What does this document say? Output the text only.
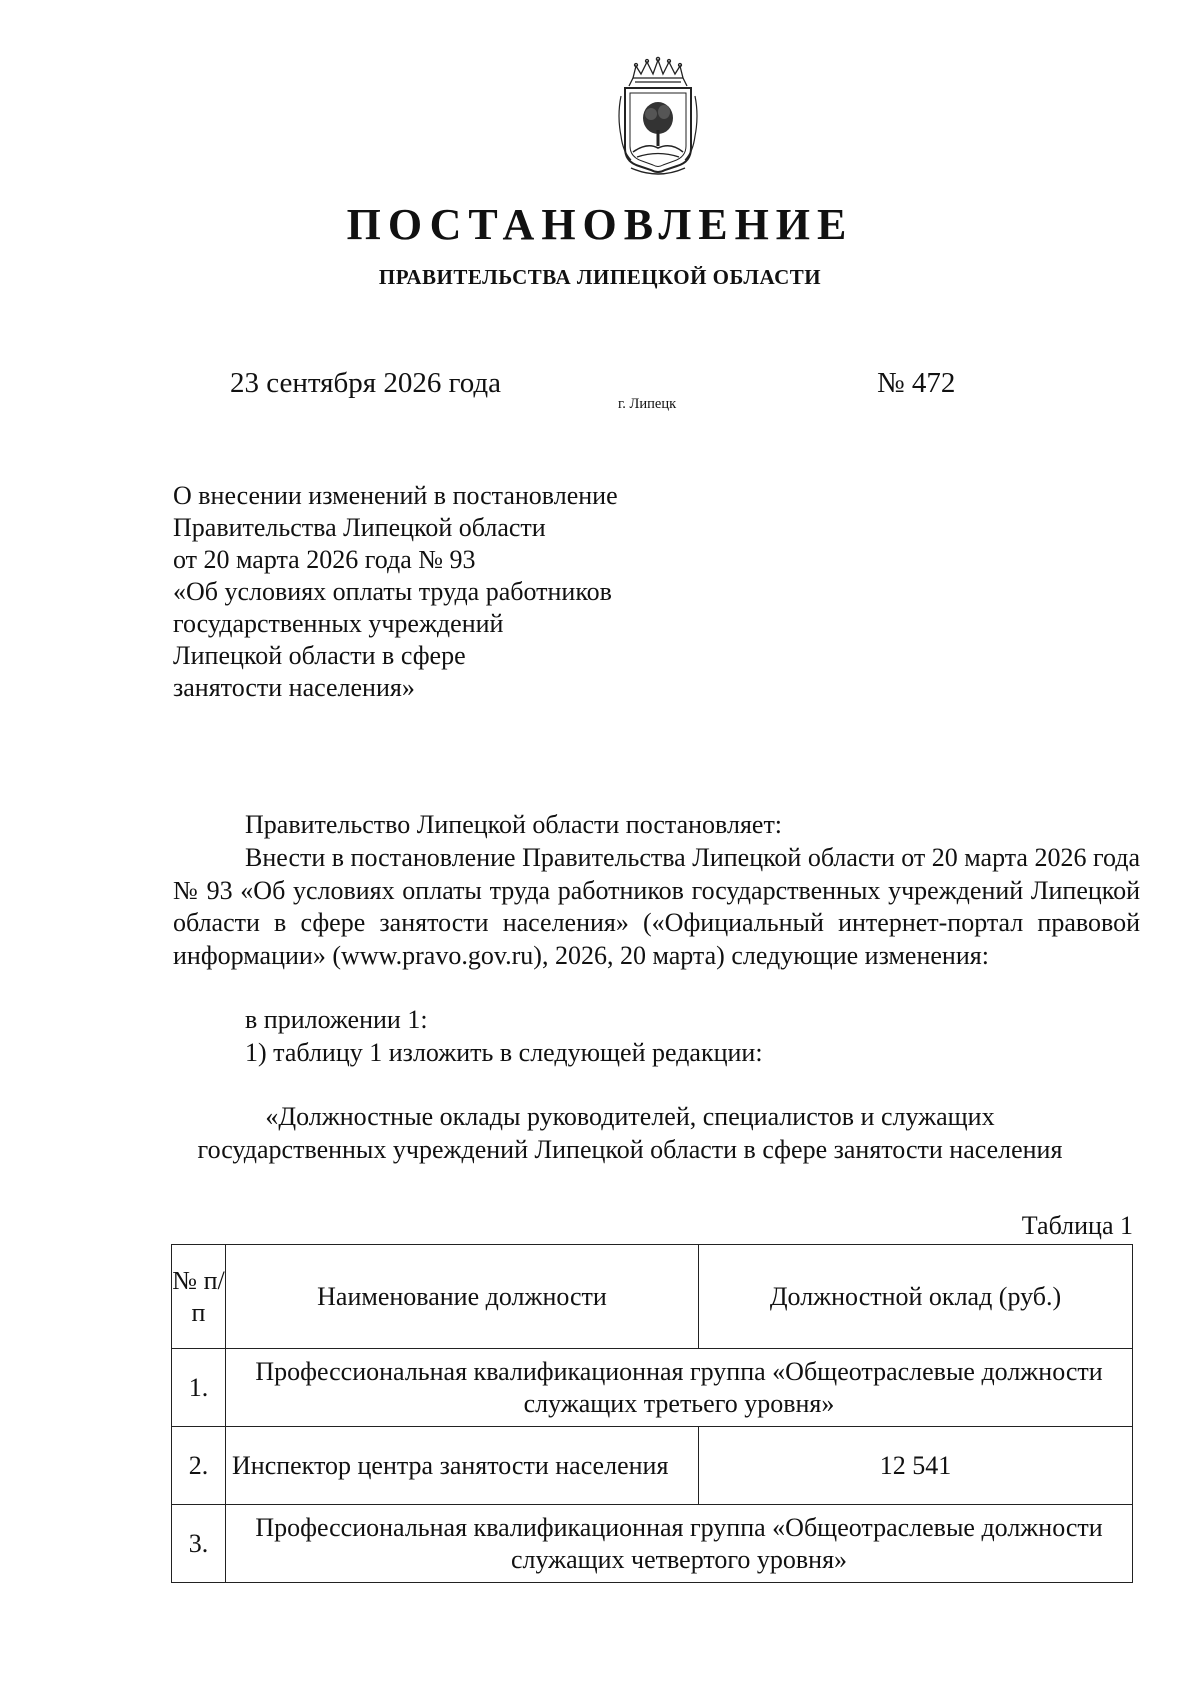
ПОСТАНОВЛЕНИЕ
ПРАВИТЕЛЬСТВА ЛИПЕЦКОЙ ОБЛАСТИ
23 сентября 2026 года
г. Липецк
№ 472
О внесении изменений в постановление
Правительства Липецкой области
от 20 марта 2026 года № 93
«Об условиях оплаты труда работников
государственных учреждений
Липецкой области в сфере
занятости населения»
Правительство Липецкой области постановляет:
Внести в постановление Правительства Липецкой области от 20 марта 2026 года № 93 «Об условиях оплаты труда работников государственных учреждений Липецкой области в сфере занятости населения» («Официальный интернет-портал правовой информации» (www.pravo.gov.ru), 2026, 20 марта) следующие изменения:
в приложении 1:
1) таблицу 1 изложить в следующей редакции:
«Должностные оклады руководителей, специалистов и служащих
государственных учреждений Липецкой области в сфере занятости населения
Таблица 1
№ п/п	Наименование должности	Должностной оклад (руб.)
1.	Профессиональная квалификационная группа «Общеотраслевые должности служащих третьего уровня»	
2.	Инспектор центра занятости населения	12 541
3.	Профессиональная квалификационная группа «Общеотраслевые должности служащих четвертого уровня»	
